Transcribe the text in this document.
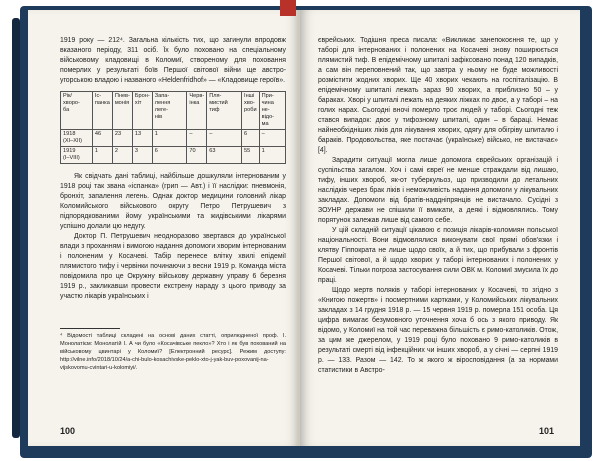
1919 року — 212⁴. Загальна кількість тих, що загинули впродовж вказаного періоду, 311 осіб. Їх було поховано на спеціальному військовому кладовищі в Коломиї, створеному для поховання померлих у результаті боїв Першої світової війни ще австро-угорською владою і названого «Heldenfridhof» — «Кладовище героїв».

Рік/ хворо-
ба	Іс-
панка	Пнев-
монія	Брон-
хіт	Запа-
лення леге-
нів	Черв-
інка	Пля-
мистий тиф	Інші
хво-
роби	При-
чина не-
відо-
ма
1918
(XI–XII)	46	23	13	1	–	–	6	–
1919
(I–VIII)	1	2	3	6	70	63	55	1

Як свідчать дані таблиці, найбільше дошкуляли інтернованим у 1918 році так звана «іспанка» (грип — Авт.) і її наслідки: пневмонія, бронхіт, запалення легень. Однак доктор медицини головний лікар Коломийського військового округу Петро Петрушевич з підпорядкованими йому українськими та жидівськими лікарями успішно долали цю недугу.

Доктор П. Петрушевич неодноразово звертався до української влади з проханням і вимогою надання допомоги хворим інтернованим і полоненим у Косачеві. Табір перенесе влітку хвилі епідемії плямистого тифу і червінки починаючи з весни 1919 р. Команда міста повідомила про це Окружну військову державну управу 6 березня 1919 р., закликавши провести екстрену нараду з цього приводу за участю лікарів українських і

⁴ Відомості таблиці складені на основі даних статті, оприлюдненої проф. І. Монолатієм: Монолатій І. А чи було «Косачівське пекло»? Хто і як був похований на військовому цвинтарі у Коломиї? [Електронний ресурс]. Режим доступу: http://vilne.info/2018/10/24/a-chi-bulo-kosachivske-peklo-xto-j-yak-buv-poxovanij-na-vijskovomu-cvintari-u-kolomiyi/.

100

єврейських. Тодішня преса писала: «Викликає занепокоєння те, що у таборі для інтернованих і полонених на Косачеві знову поширюється плямистий тиф. В епідемічному шпиталі зафіксовано понад 120 випадків, а сам він переповнений так, що завтра у ньому не буде можливості розмістити жодних хворих. Ще 40 хворих чекають на госпіталізацію. В епідемічному шпиталі лежать зараз 90 хворих, а приблизно 50 – у бараках. Хворі у шпиталі лежать на деяких ліжках по двоє, а у таборі – на голих нарах. Сьогодні вночі померло троє людей у таборі. Сьогодні теж стався випадок: двоє у тифозному шпиталі, один – в бараці. Немає найнеобхідніших ліків для лікування хворих, одягу для обігріву шпиталю і бараків. Продовольства, яке постачає (українське) військо, не вистачає» [4].

Зарадити ситуації могла лише допомога єврейських організацій і суспільства загалом. Хоч і самі євреї не менше страждали від лишаю, тифу, інших хвороб, як-от туберкульоз, що призводили до летальних наслідків через брак ліків і неможливість надання допомоги у лікувальних закладах. Допомоги від братів-наддніпрянців не вистачало. Сусідні з ЗОУНР держави не спішили її вмикати, а деякі і відмовлялись. Тому порятунок залежав лише від самого себе.

У цій складній ситуації цікавою є позиція лікарів-коломиян польської національності. Вони відмовлялися виконувати свої прямі обов'язки і клятву Гіппократа не лише щодо своїх, а й тих, що прибували з фронтів Першої світової, а й щодо хворих у таборі інтернованих і полонених у Косачеві. Тільки погроза застосування сили ОВК м. Коломиї змусила їх до праці.

Щодо жертв поляків у таборі інтернованих у Косачеві, то згідно з «Книгою пожертв» і посмертними картками, у Коломийських лікувальних закладах з 14 грудня 1918 р. — 15 червня 1919 р. померла 151 особа. Ця цифра вимагає безумовного уточнення хоча б ось з якого приводу. Як відомо, у Коломиї на той час переважна більшість є римо-католиків. Отож, за цим же джерелом, у 1919 році було поховано 9 римо-католиків в результаті смерті від інфекційних чи інших хвороб, а у січні — серпні 1919 р. — 133. Разом — 142. То ж якого ж віросповідання (а за нормами статистики в Австро-

101
